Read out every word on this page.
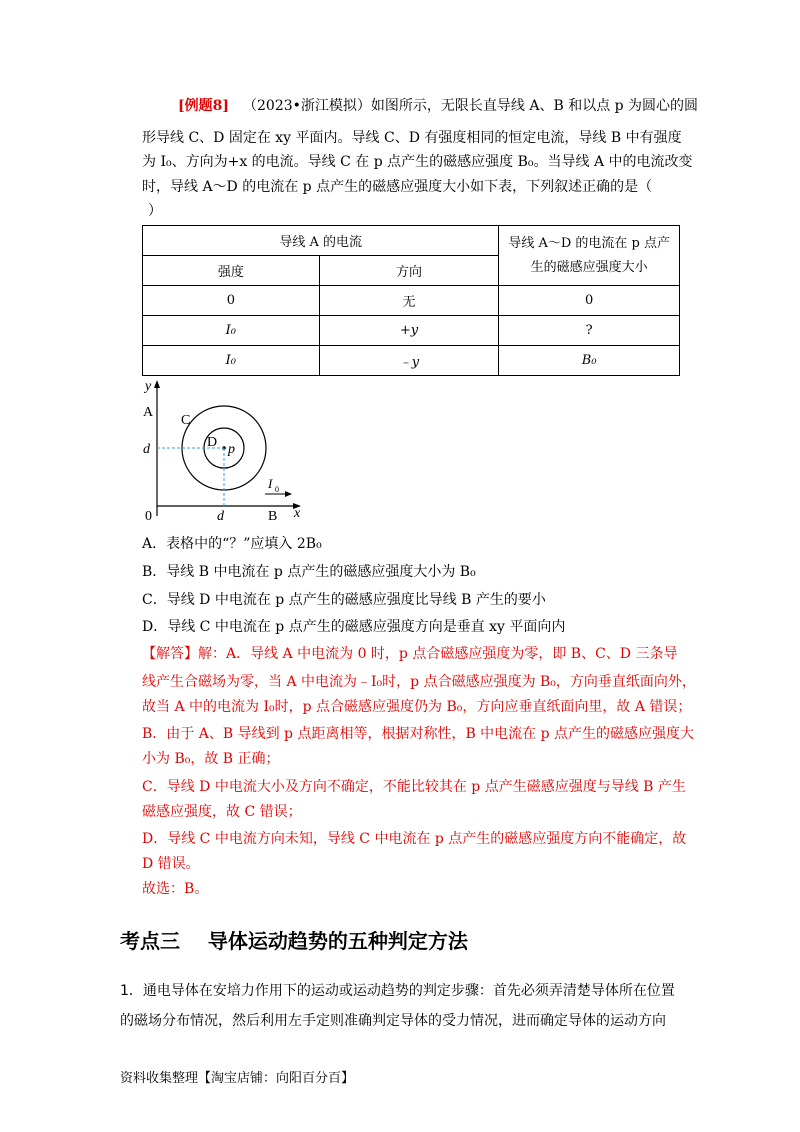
[例题8] （2023•浙江模拟）如图所示，无限长直导线 A、B 和以点 p 为圆心的圆
形导线 C、D 固定在 xy 平面内。导线 C、D 有强度相同的恒定电流，导线 B 中有强度
为 I₀、方向为+x 的电流。导线 C 在 p 点产生的磁感应强度 B₀。当导线 A 中的电流改变
时，导线 A～D 的电流在 p 点产生的磁感应强度大小如下表，下列叙述正确的是（
）
导线 A 的电流		导线 A～D 的电流在 p 点产
生的磁感应强度大小

强度	方向	
0	无	0
I₀	+y	?
I₀	﹣y	B₀
y
A
C
D p
d
0	d	B x
I 0
A．表格中的“？”应填入 2B₀
B．导线 B 中电流在 p 点产生的磁感应强度大小为 B₀
C．导线 D 中电流在 p 点产生的磁感应强度比导线 B 产生的要小
D．导线 C 中电流在 p 点产生的磁感应强度方向是垂直 xy 平面向内
【解答】解：A．导线 A 中电流为 0 时，p 点合磁感应强度为零，即 B、C、D 三条导
线产生合磁场为零，当 A 中电流为﹣I₀时，p 点合磁感应强度为 B₀，方向垂直纸面向外，
故当 A 中的电流为 I₀时，p 点合磁感应强度仍为 B₀，方向应垂直纸面向里，故 A 错误；
B．由于 A、B 导线到 p 点距离相等，根据对称性，B 中电流在 p 点产生的磁感应强度大
小为 B₀，故 B 正确；
C．导线 D 中电流大小及方向不确定，不能比较其在 p 点产生磁感应强度与导线 B 产生
磁感应强度，故 C 错误；
D．导线 C 中电流方向未知，导线 C 中电流在 p 点产生的磁感应强度方向不能确定，故
D 错误。
故选：B。
考点三    导体运动趋势的五种判定方法
1．通电导体在安培力作用下的运动或运动趋势的判定步骤：首先必须弄清楚导体所在位置
的磁场分布情况，然后利用左手定则准确判定导体的受力情况，进而确定导体的运动方向
资料收集整理【淘宝店铺：向阳百分百】
